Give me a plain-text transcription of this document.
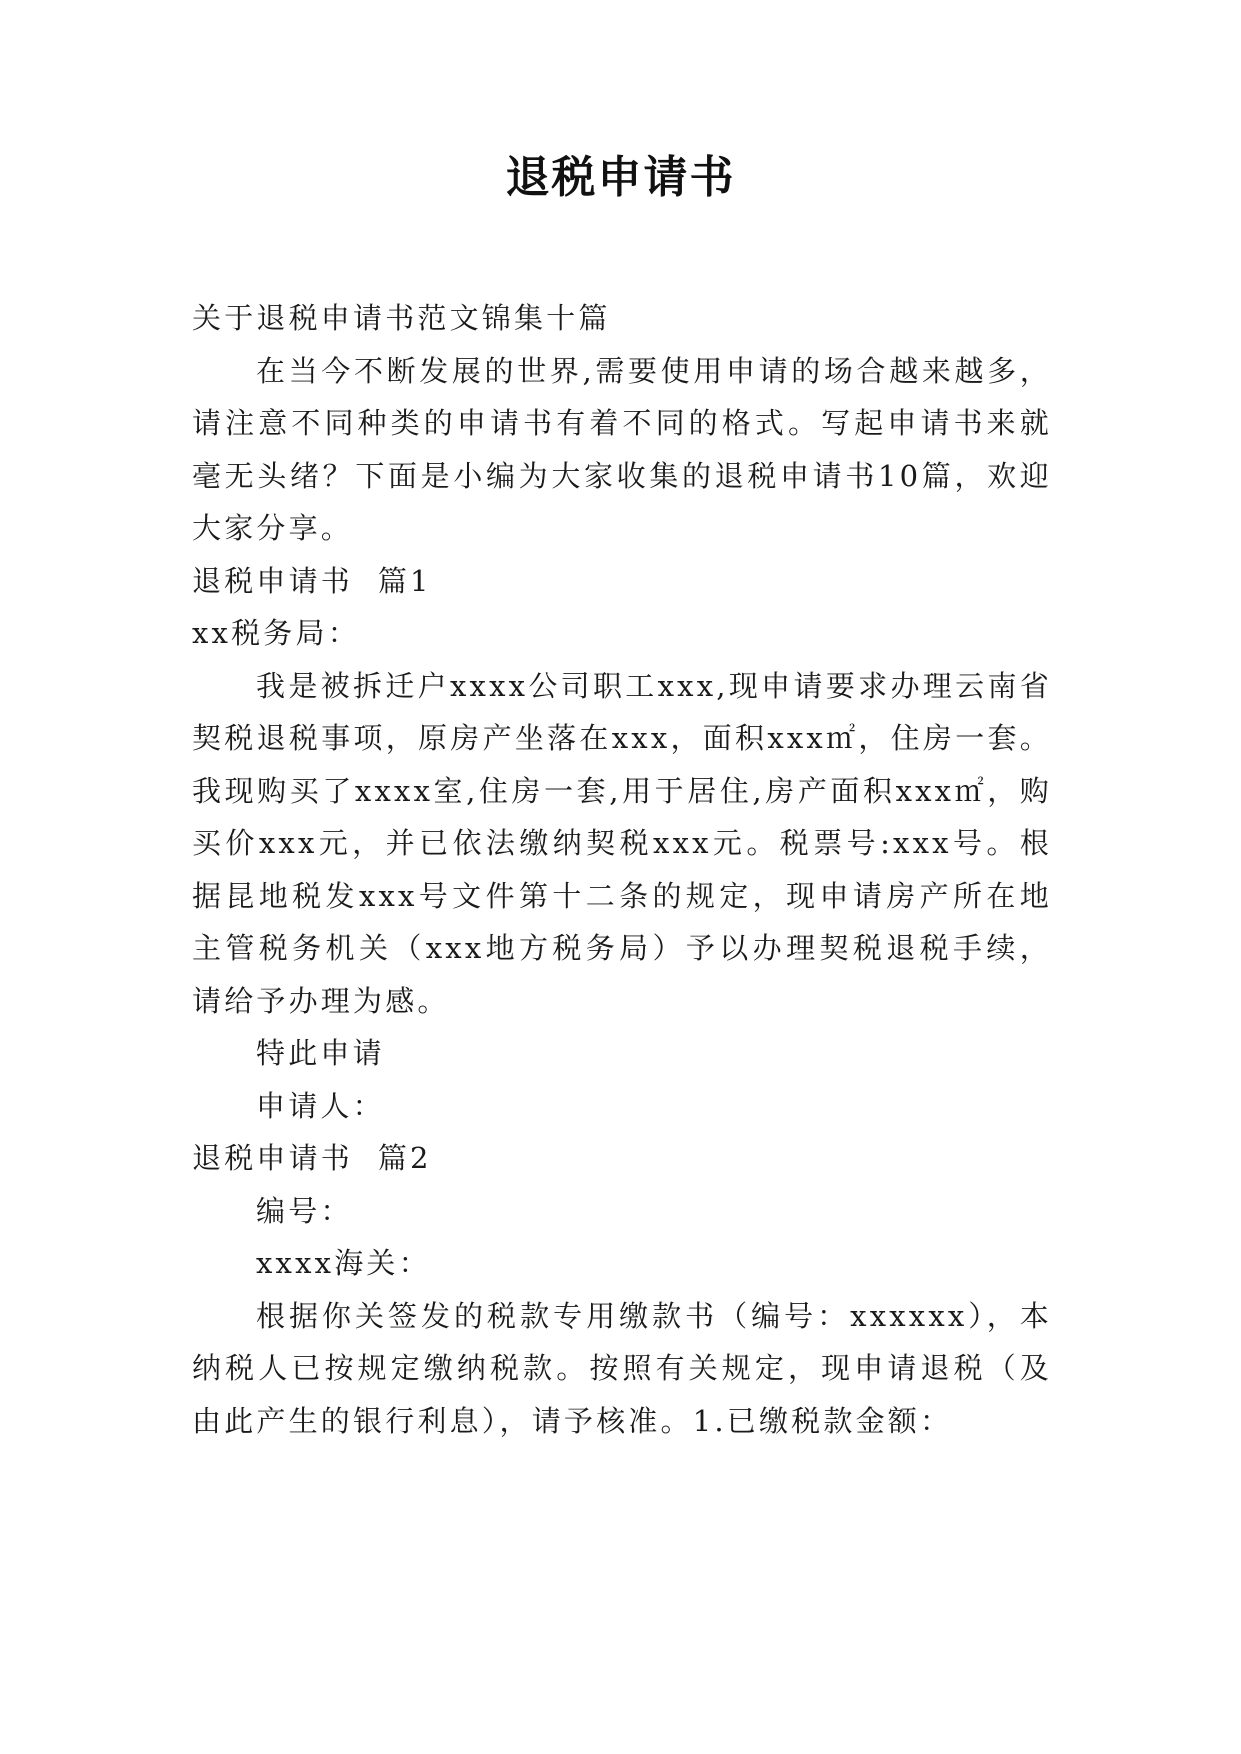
退税申请书

关于退税申请书范文锦集十篇

在当今不断发展的世界,需要使用申请的场合越来越多，请注意不同种类的申请书有着不同的格式。写起申请书来就毫无头绪？下面是小编为大家收集的退税申请书10篇，欢迎大家分享。

退税申请书  篇1

xx税务局：

我是被拆迁户xxxx公司职工xxx,现申请要求办理云南省契税退税事项，原房产坐落在xxx，面积xxx㎡，住房一套。我现购买了xxxx室,住房一套,用于居住,房产面积xxx㎡，购买价xxx元，并已依法缴纳契税xxx元。税票号:xxx号。根据昆地税发xxx号文件第十二条的规定，现申请房产所在地主管税务机关（xxx地方税务局）予以办理契税退税手续，请给予办理为感。

特此申请

申请人：

退税申请书  篇2

编号：

xxxx海关：

根据你关签发的税款专用缴款书（编号：xxxxxx），本纳税人已按规定缴纳税款。按照有关规定，现申请退税（及由此产生的银行利息），请予核准。1.已缴税款金额：
